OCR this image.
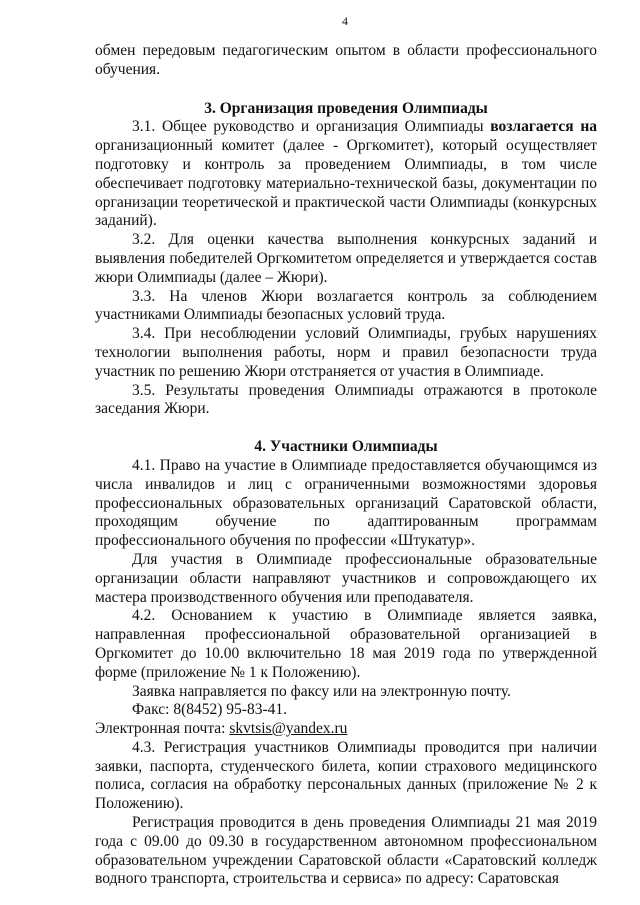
4

обмен передовым педагогическим опытом в области профессионального обучения.

3. Организация проведения Олимпиады

3.1. Общее руководство и организация Олимпиады возлагается на организационный комитет (далее - Оргкомитет), который осуществляет подготовку и контроль за проведением Олимпиады, в том числе обеспечивает подготовку материально-технической базы, документации по организации теоретической и практической части Олимпиады (конкурсных заданий).

3.2. Для оценки качества выполнения конкурсных заданий и выявления победителей Оргкомитетом определяется и утверждается состав жюри Олимпиады (далее – Жюри).

3.3. На членов Жюри возлагается контроль за соблюдением участниками Олимпиады безопасных условий труда.

3.4. При несоблюдении условий Олимпиады, грубых нарушениях технологии выполнения работы, норм и правил безопасности труда участник по решению Жюри отстраняется от участия в Олимпиаде.

3.5. Результаты проведения Олимпиады отражаются в протоколе заседания Жюри.

4. Участники Олимпиады

4.1. Право на участие в Олимпиаде предоставляется обучающимся из числа инвалидов и лиц с ограниченными возможностями здоровья профессиональных образовательных организаций Саратовской области, проходящим обучение по адаптированным программам профессионального обучения по профессии «Штукатур».

Для участия в Олимпиаде профессиональные образовательные организации области направляют участников и сопровождающего их мастера производственного обучения или преподавателя.

4.2. Основанием к участию в Олимпиаде является заявка, направленная профессиональной образовательной организацией в Оргкомитет до 10.00 включительно 18 мая 2019 года по утвержденной форме (приложение № 1 к Положению).

Заявка направляется по факсу или на электронную почту.

Факс: 8(8452) 95-83-41.

Электронная почта: skvtsis@yandex.ru

4.3. Регистрация участников Олимпиады проводится при наличии заявки, паспорта, студенческого билета, копии страхового медицинского полиса, согласия на обработку персональных данных (приложение № 2 к Положению).

Регистрация проводится в день проведения Олимпиады 21 мая 2019 года с 09.00 до 09.30 в государственном автономном профессиональном образовательном учреждении Саратовской области «Саратовский колледж водного транспорта, строительства и сервиса» по адресу: Саратовская
